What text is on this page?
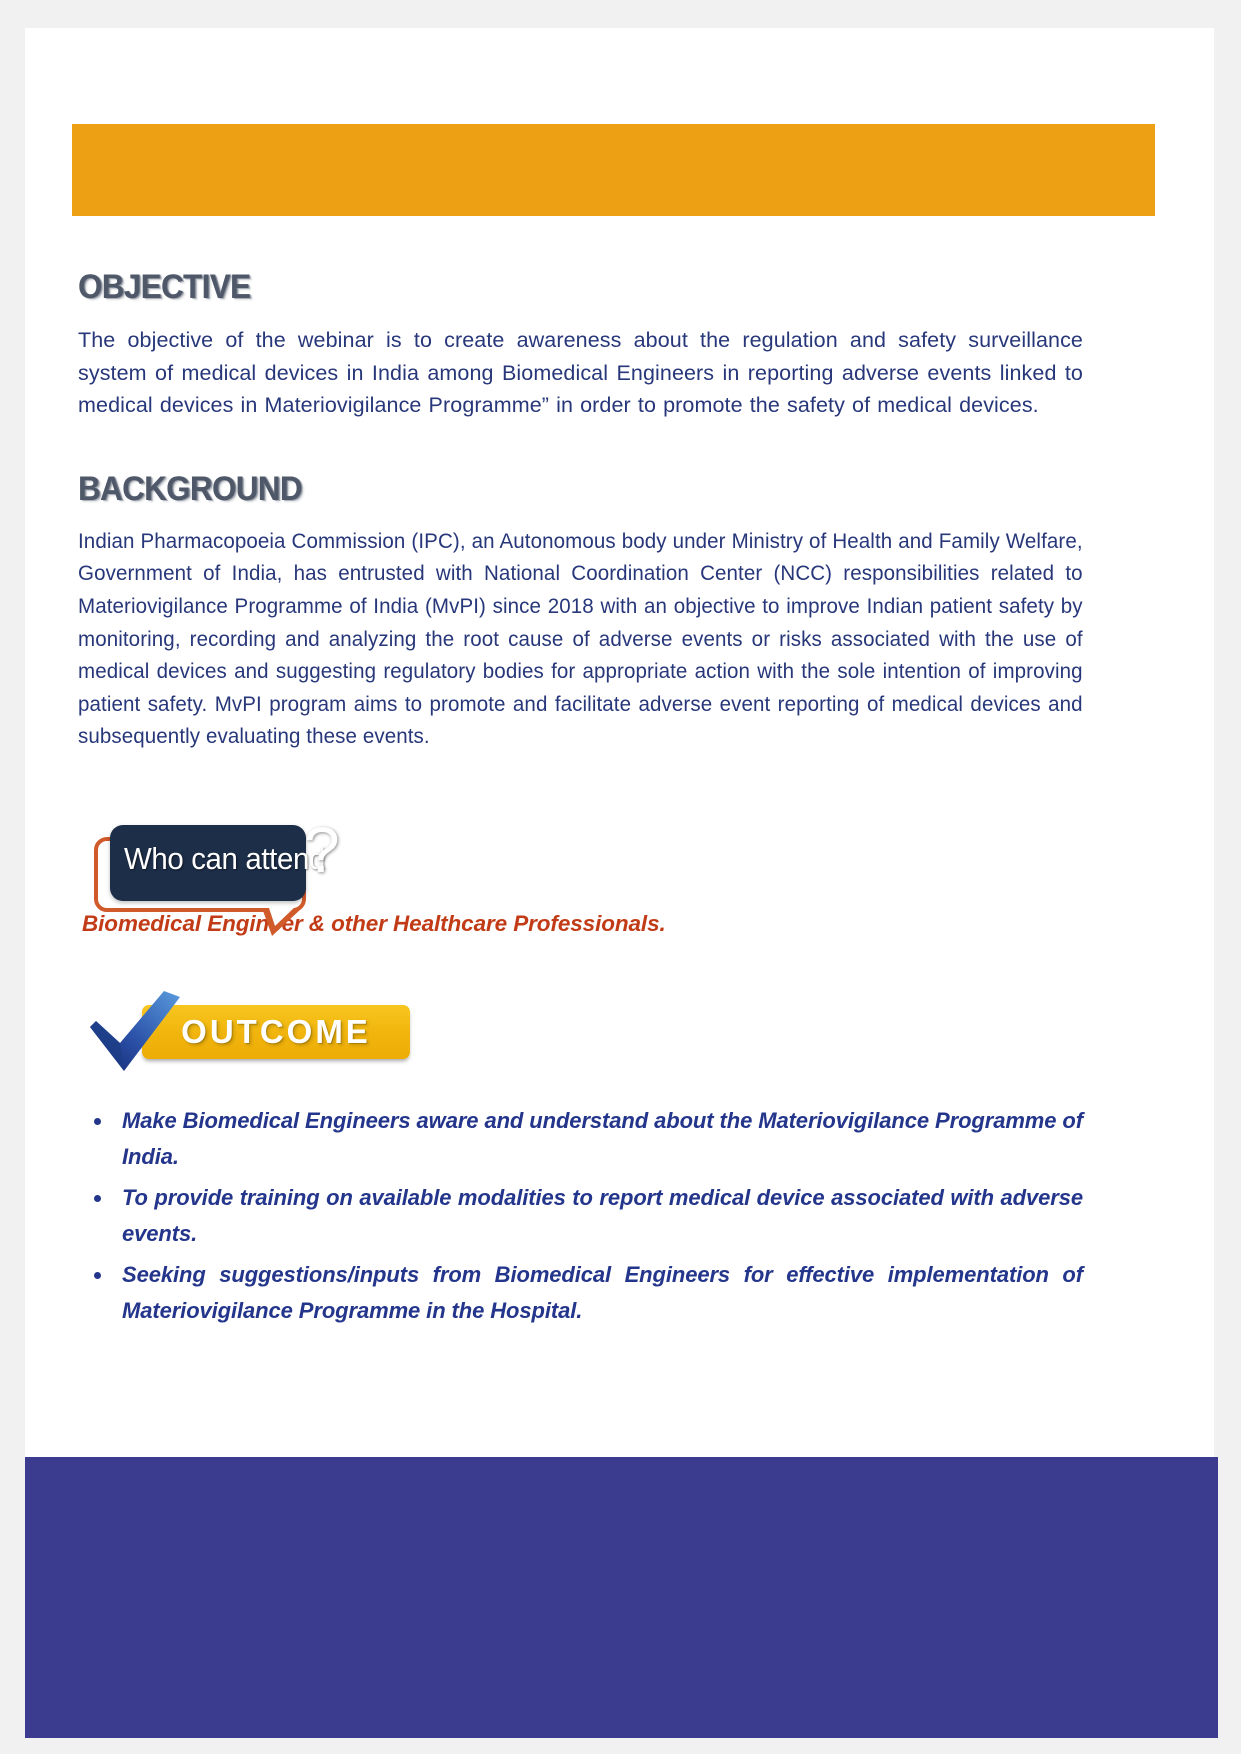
OBJECTIVE

The objective of the webinar is to create awareness about the regulation and safety surveillance system of medical devices in India among Biomedical Engineers in reporting adverse events linked to medical devices in Materiovigilance Programme” in order to promote the safety of medical devices.

BACKGROUND

Indian Pharmacopoeia Commission (IPC), an Autonomous body under Ministry of Health and Family Welfare, Government of India, has entrusted with National Coordination Center (NCC) responsibilities related to Materiovigilance Programme of India (MvPI) since 2018 with an objective to improve Indian patient safety by monitoring, recording and analyzing the root cause of adverse events or risks associated with the use of medical devices and suggesting regulatory bodies for appropriate action with the sole intention of improving patient safety. MvPI program aims to promote and facilitate adverse event reporting of medical devices and subsequently evaluating these events.

Who can attend
?
Biomedical Engineer & other Healthcare Professionals.
OUTCOME
Make Biomedical Engineers aware and understand about the Materiovigilance Programme of India.
To provide training on available modalities to report medical device associated with adverse events.
Seeking suggestions/inputs from Biomedical Engineers for effective implementation of Materiovigilance Programme in the Hospital.
